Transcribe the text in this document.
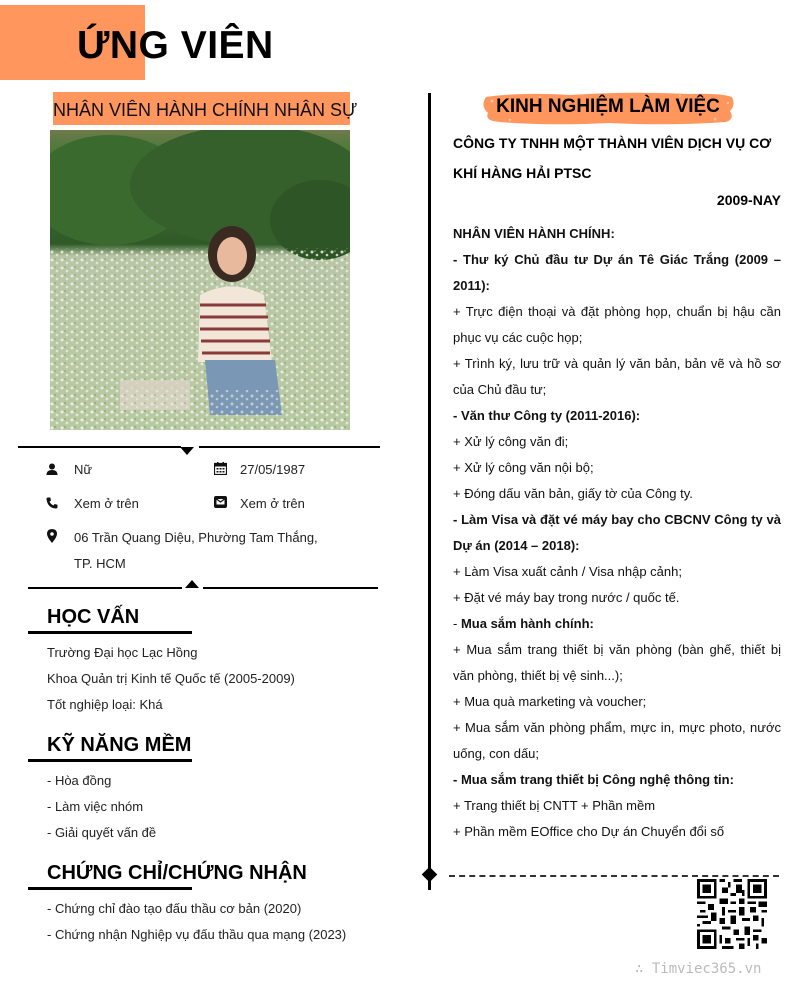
ỨNG VIÊN
NHÂN VIÊN HÀNH CHÍNH NHÂN SỰ
Nữ	27/05/1987
Xem ở trên	Xem ở trên
06 Trần Quang Diệu, Phường Tam Thắng,
TP. HCM
HỌC VẤN
Trường Đại học Lạc Hồng
Khoa Quản trị Kinh tế Quốc tế (2005-2009)
Tốt nghiệp loại: Khá
KỸ NĂNG MỀM
- Hòa đồng
- Làm việc nhóm
- Giải quyết vấn đề
CHỨNG CHỈ/CHỨNG NHẬN
- Chứng chỉ đào tạo đấu thầu cơ bản (2020)
- Chứng nhận Nghiệp vụ đấu thầu qua mạng (2023)
KINH NGHIỆM LÀM VIỆC
CÔNG TY TNHH MỘT THÀNH VIÊN DỊCH VỤ CƠ KHÍ HÀNG HẢI PTSC
2009-NAY
NHÂN VIÊN HÀNH CHÍNH:
- Thư ký Chủ đầu tư Dự án Tê Giác Trắng (2009 – 2011):
+ Trực điện thoại và đặt phòng họp, chuẩn bị hậu cần phục vụ các cuộc họp;
+ Trình ký, lưu trữ và quản lý văn bản, bản vẽ và hồ sơ của Chủ đầu tư;
- Văn thư Công ty (2011-2016):
+ Xử lý công văn đi;
+ Xử lý công văn nội bộ;
+ Đóng dấu văn bản, giấy tờ của Công ty.
- Làm Visa và đặt vé máy bay cho CBCNV Công ty và Dự án (2014 – 2018):
+ Làm Visa xuất cảnh / Visa nhập cảnh;
+ Đặt vé máy bay trong nước / quốc tế.
- Mua sắm hành chính:
+ Mua sắm trang thiết bị văn phòng (bàn ghế, thiết bị văn phòng, thiết bị vệ sinh...);
+ Mua quà marketing và voucher;
+ Mua sắm văn phòng phẩm, mực in, mực photo, nước uống, con dấu;
- Mua sắm trang thiết bị Công nghệ thông tin:
+ Trang thiết bị CNTT + Phần mềm
+ Phần mềm EOffice cho Dự án Chuyển đổi số
∴ Timviec365.vn
